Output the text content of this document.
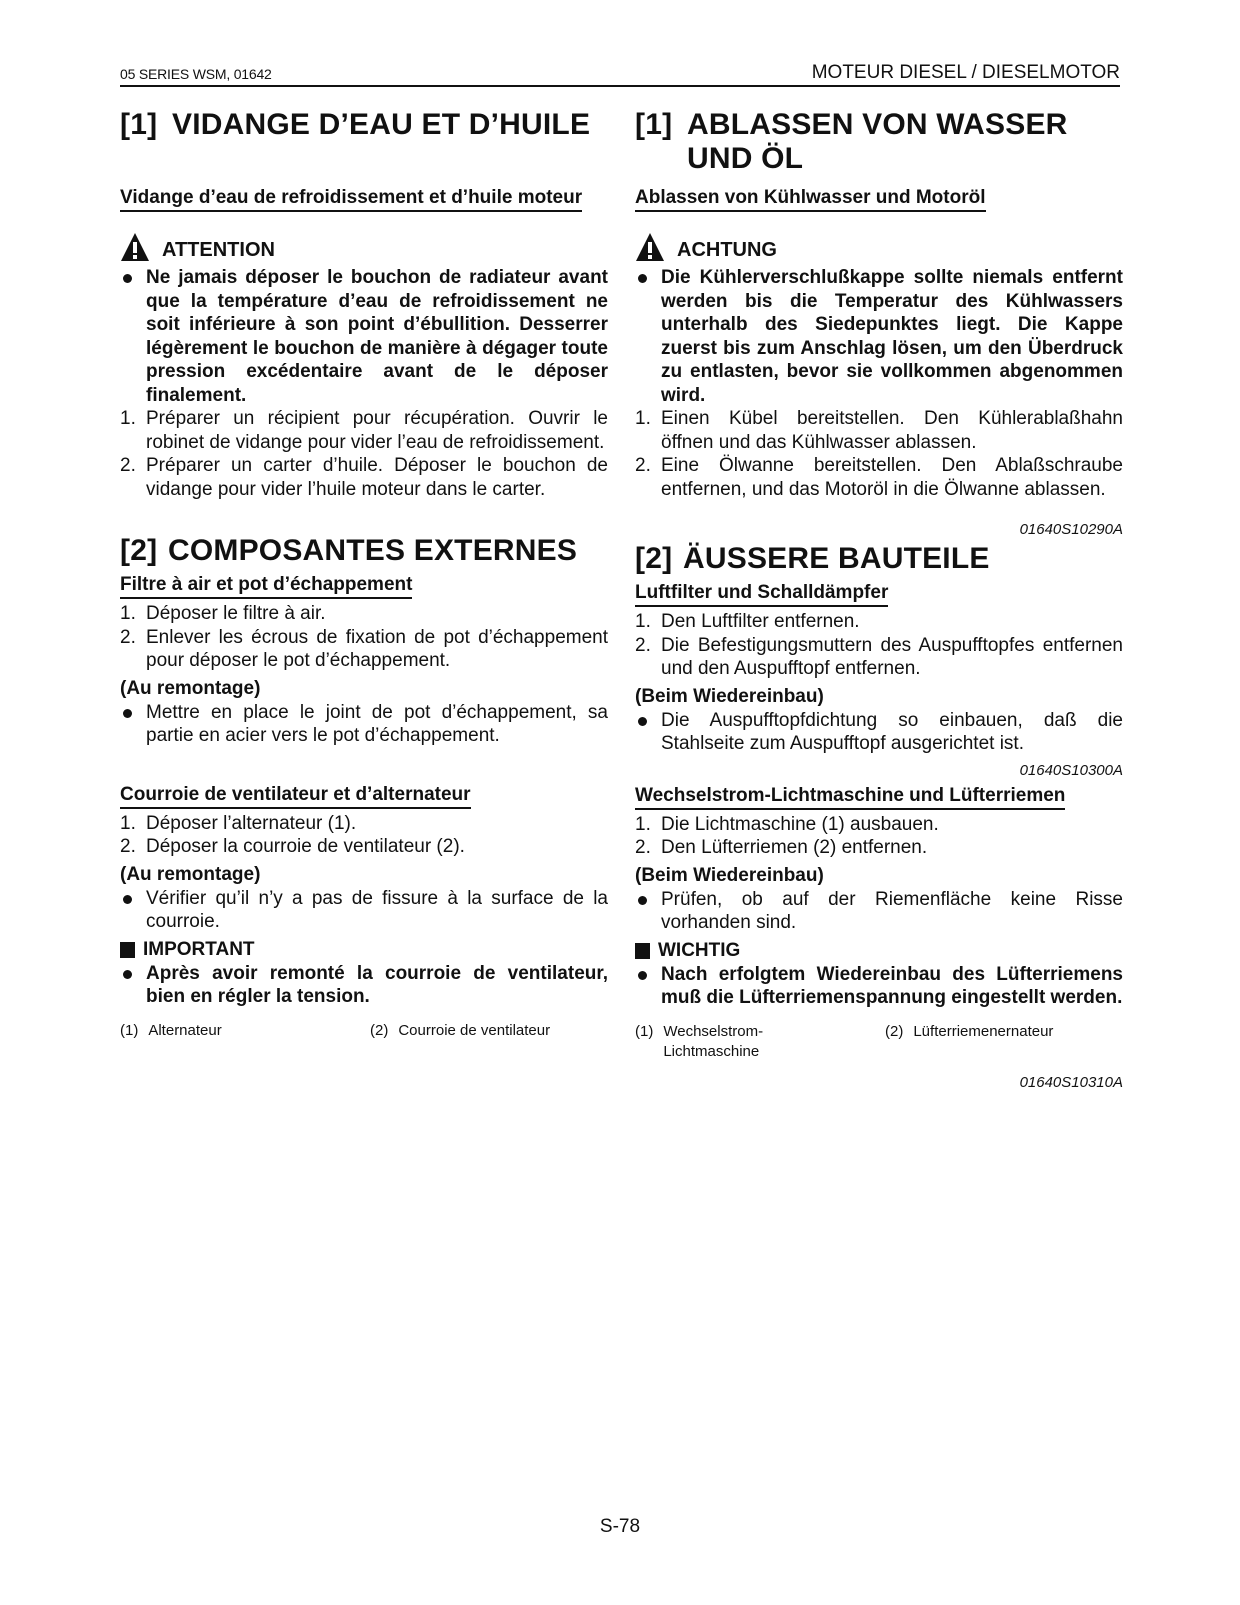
05 SERIES WSM, 01642	MOTEUR DIESEL / DIESELMOTOR
[1] VIDANGE D’EAU ET D’HUILE
Vidange d’eau de refroidissement et d’huile moteur
ATTENTION
Ne jamais déposer le bouchon de radiateur avant que la température d’eau de refroidissement ne soit inférieure à son point d’ébullition. Desserrer légèrement le bouchon de manière à dégager toute pression excédentaire avant de le déposer finalement.
1. Préparer un récipient pour récupération. Ouvrir le robinet de vidange pour vider l’eau de refroidissement.
2. Préparer un carter d’huile. Déposer le bouchon de vidange pour vider l’huile moteur dans le carter.
[2] COMPOSANTES EXTERNES
Filtre à air et pot d’échappement
1. Déposer le filtre à air.
2. Enlever les écrous de fixation de pot d’échappement pour déposer le pot d’échappement.
(Au remontage)
Mettre en place le joint de pot d’échappement, sa partie en acier vers le pot d’échappement.
Courroie de ventilateur et d’alternateur
1. Déposer l’alternateur (1).
2. Déposer la courroie de ventilateur (2).
(Au remontage)
Vérifier qu’il n’y a pas de fissure à la surface de la courroie.
IMPORTANT
Après avoir remonté la courroie de ventilateur, bien en régler la tension.
(1) Alternateur	(2) Courroie de ventilateur
[1] ABLASSEN VON WASSER UND ÖL
Ablassen von Kühlwasser und Motoröl
ACHTUNG
Die Kühlerverschlußkappe sollte niemals entfernt werden bis die Temperatur des Kühlwassers unterhalb des Siedepunktes liegt. Die Kappe zuerst bis zum Anschlag lösen, um den Überdruck zu entlasten, bevor sie vollkommen abgenommen wird.
1. Einen Kübel bereitstellen. Den Kühlerablaßhahn öffnen und das Kühlwasser ablassen.
2. Eine Ölwanne bereitstellen. Den Ablaßschraube entfernen, und das Motoröl in die Ölwanne ablassen.
01640S10290A
[2] ÄUSSERE BAUTEILE
Luftfilter und Schalldämpfer
1. Den Luftfilter entfernen.
2. Die Befestigungsmuttern des Auspufftopfes entfernen und den Auspufftopf entfernen.
(Beim Wiedereinbau)
Die Auspufftopfdichtung so einbauen, daß die Stahlseite zum Auspufftopf ausgerichtet ist.
01640S10300A
Wechselstrom-Lichtmaschine und Lüfterriemen
1. Die Lichtmaschine (1) ausbauen.
2. Den Lüfterriemen (2) entfernen.
(Beim Wiedereinbau)
Prüfen, ob auf der Riemenfläche keine Risse vorhanden sind.
WICHTIG
Nach erfolgtem Wiedereinbau des Lüfterriemens muß die Lüfterriemenspannung eingestellt werden.
(1) Wechselstrom-
Lichtmaschine
(2) Lüfterriemenernateur
01640S10310A
S-78
